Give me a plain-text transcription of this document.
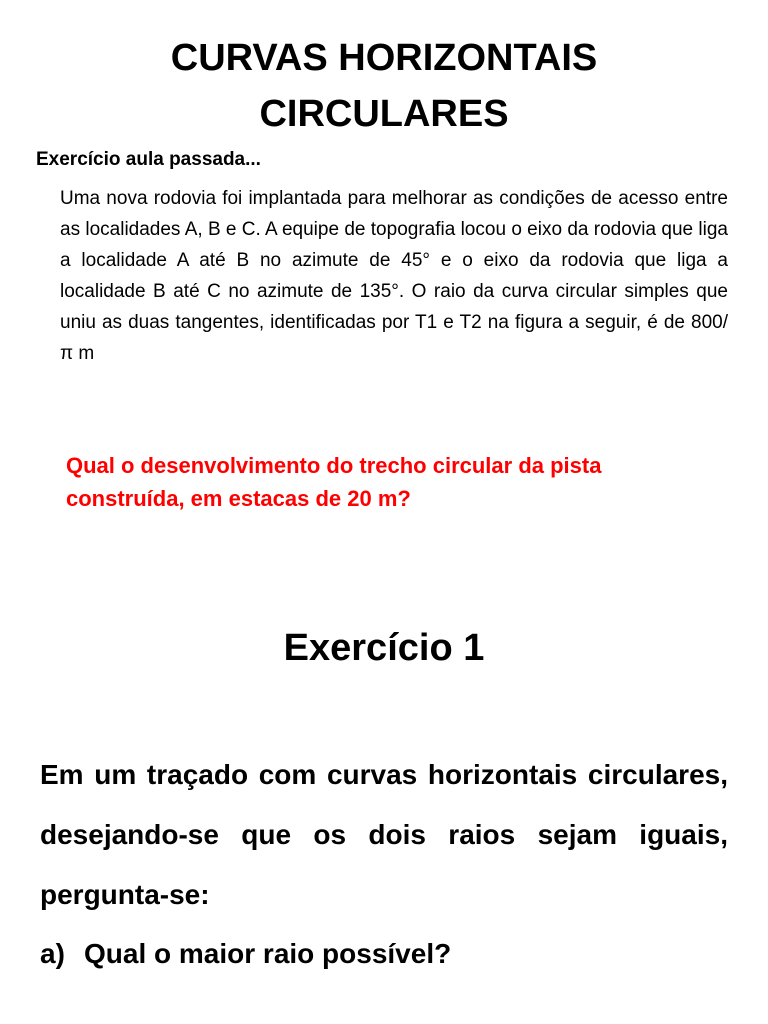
CURVAS HORIZONTAIS
CIRCULARES
Exercício aula passada...
Uma nova rodovia foi implantada para melhorar as condições de acesso entre as localidades A, B e C. A equipe de topografia locou o eixo da rodovia que liga a localidade A até B no azimute de 45° e o eixo da rodovia que liga a localidade B até C no azimute de 135°. O raio da curva circular simples que uniu as duas tangentes, identificadas por T1 e T2 na figura a seguir, é de 800/π m
Qual o desenvolvimento do trecho circular da pista construída, em estacas de 20 m?
Exercício 1
Em um traçado com curvas horizontais circulares, desejando-se que os dois raios sejam iguais, pergunta-se:
a) Qual o maior raio possível?
